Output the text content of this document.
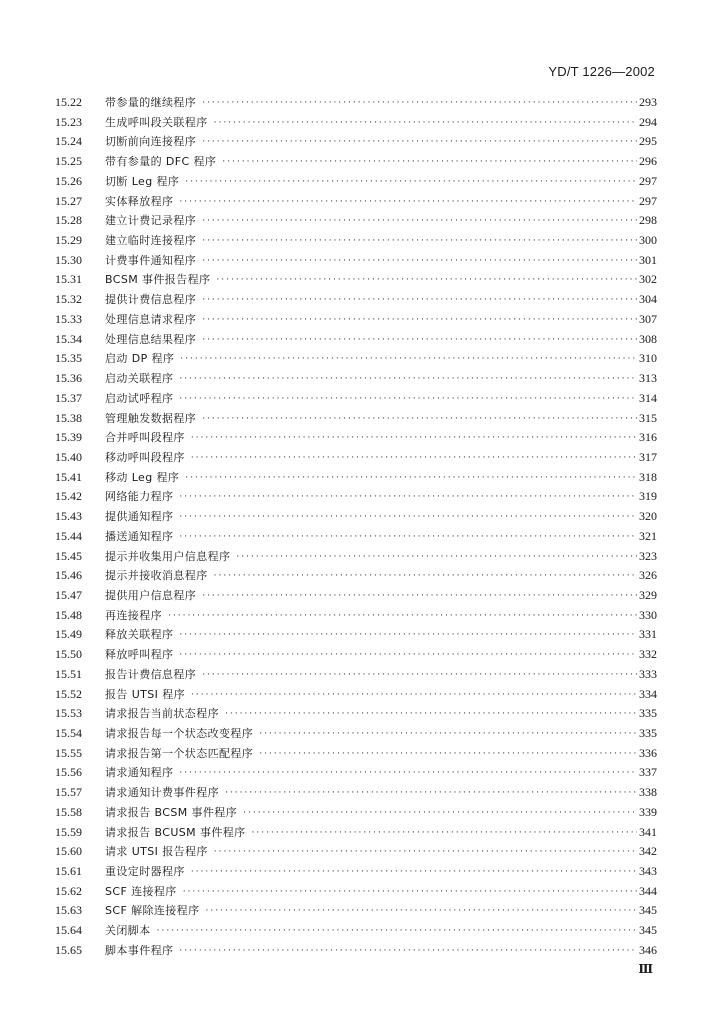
YD/T 1226—2002
15.22	带参量的继续程序 ·····	293
15.23	生成呼叫段关联程序 ·····	294
15.24	切断前向连接程序 ·····	295
15.25	带有参量的 DFC 程序 ·····	296
15.26	切断 Leg 程序 ·····	297
15.27	实体释放程序 ·····	297
15.28	建立计费记录程序 ·····	298
15.29	建立临时连接程序 ·····	300
15.30	计费事件通知程序 ·····	301
15.31	BCSM 事件报告程序 ·····	302
15.32	提供计费信息程序 ·····	304
15.33	处理信息请求程序 ·····	307
15.34	处理信息结果程序 ·····	308
15.35	启动 DP 程序 ·····	310
15.36	启动关联程序 ·····	313
15.37	启动试呼程序 ·····	314
15.38	管理触发数据程序 ·····	315
15.39	合并呼叫段程序 ·····	316
15.40	移动呼叫段程序 ·····	317
15.41	移动 Leg 程序 ·····	318
15.42	网络能力程序 ·····	319
15.43	提供通知程序 ·····	320
15.44	播送通知程序 ·····	321
15.45	提示并收集用户信息程序 ·····	323
15.46	提示并接收消息程序 ·····	326
15.47	提供用户信息程序 ·····	329
15.48	再连接程序 ·····	330
15.49	释放关联程序 ·····	331
15.50	释放呼叫程序 ·····	332
15.51	报告计费信息程序 ·····	333
15.52	报告 UTSI 程序 ·····	334
15.53	请求报告当前状态程序 ·····	335
15.54	请求报告每一个状态改变程序 ·····	335
15.55	请求报告第一个状态匹配程序 ·····	336
15.56	请求通知程序 ·····	337
15.57	请求通知计费事件程序 ·····	338
15.58	请求报告 BCSM 事件程序 ·····	339
15.59	请求报告 BCUSM 事件程序 ·····	341
15.60	请求 UTSI 报告程序 ·····	342
15.61	重设定时器程序 ·····	343
15.62	SCF 连接程序 ·····	344
15.63	SCF 解除连接程序 ·····	345
15.64	关闭脚本 ·····	345
15.65	脚本事件程序 ·····	346
Ⅲ
